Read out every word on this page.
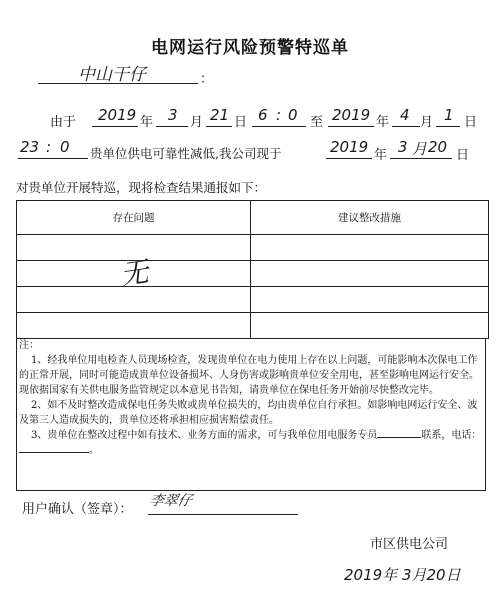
电网运行风险预警特巡单
中山干仔	：
由于 2019 年 3 月 21 日 6 : 0 至 2019 年 4 月 1 日
23 : 0 贵单位供电可靠性减低,我公司现于	2019 年 3 月 20 日
对贵单位开展特巡，现将检查结果通报如下：
存在问题	建议整改措施

无

注：

1、经我单位用电检查人员现场检查，发现贵单位在电力使用上存在以上问题，可能影响本次保电工作的正常开展，同时可能造成贵单位设备损坏、人身伤害或影响贵单位安全用电，甚至影响电网运行安全。现依据国家有关供电服务监管规定以本意见书告知，请贵单位在保电任务开始前尽快整改完毕。

2、如不及时整改造成保电任务失败或贵单位损失的，均由贵单位自行承担。如影响电网运行安全、波及第三人造成损失的，贵单位还将承担相应损害赔偿责任。

3、贵单位在整改过程中如有技术、业务方面的需求，可与我单位用电服务专员	联系，电话：。

用户确认（签章）：
李翠仔
市区供电公司
2019年 3月20日
